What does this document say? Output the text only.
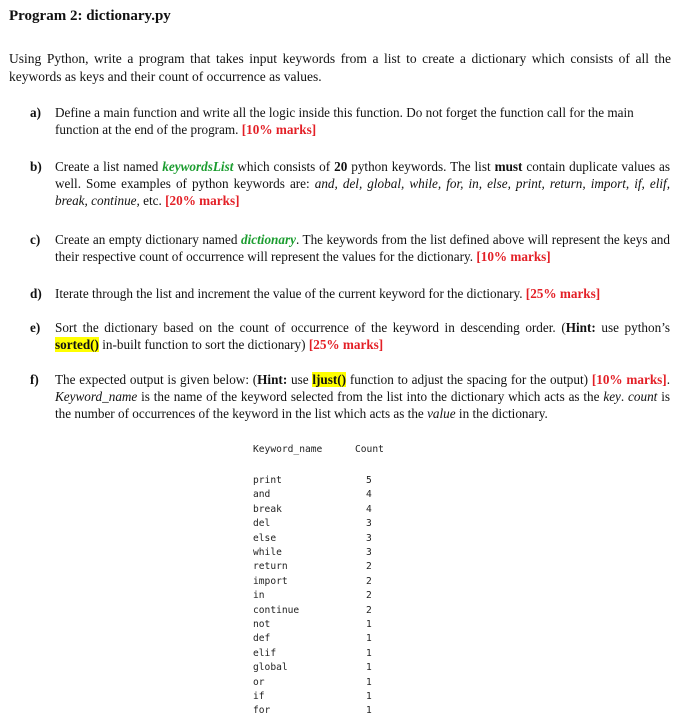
Program 2: dictionary.py
Using Python, write a program that takes input keywords from a list to create a dictionary which consists of all the keywords as keys and their count of occurrence as values.
a) Define a main function and write all the logic inside this function. Do not forget the function call for the main function at the end of the program. [10% marks]
b) Create a list named keywordsList which consists of 20 python keywords. The list must contain duplicate values as well. Some examples of python keywords are: and, del, global, while, for, in, else, print, return, import, if, elif, break, continue, etc. [20% marks]
c) Create an empty dictionary named dictionary. The keywords from the list defined above will represent the keys and their respective count of occurrence will represent the values for the dictionary. [10% marks]
d) Iterate through the list and increment the value of the current keyword for the dictionary. [25% marks]
e) Sort the dictionary based on the count of occurrence of the keyword in descending order. (Hint: use python’s sorted() in-built function to sort the dictionary) [25% marks]
f) The expected output is given below: (Hint: use ljust() function to adjust the spacing for the output) [10% marks]. Keyword_name is the name of the keyword selected from the list into the dictionary which acts as the key. count is the number of occurrences of the keyword in the list which acts as the value in the dictionary.
Keyword_name	Count
print	5
and	4
break	4
del	3
else	3
while	3
return	2
import	2
in	2
continue	2
not	1
def	1
elif	1
global	1
or	1
if	1
for	1
